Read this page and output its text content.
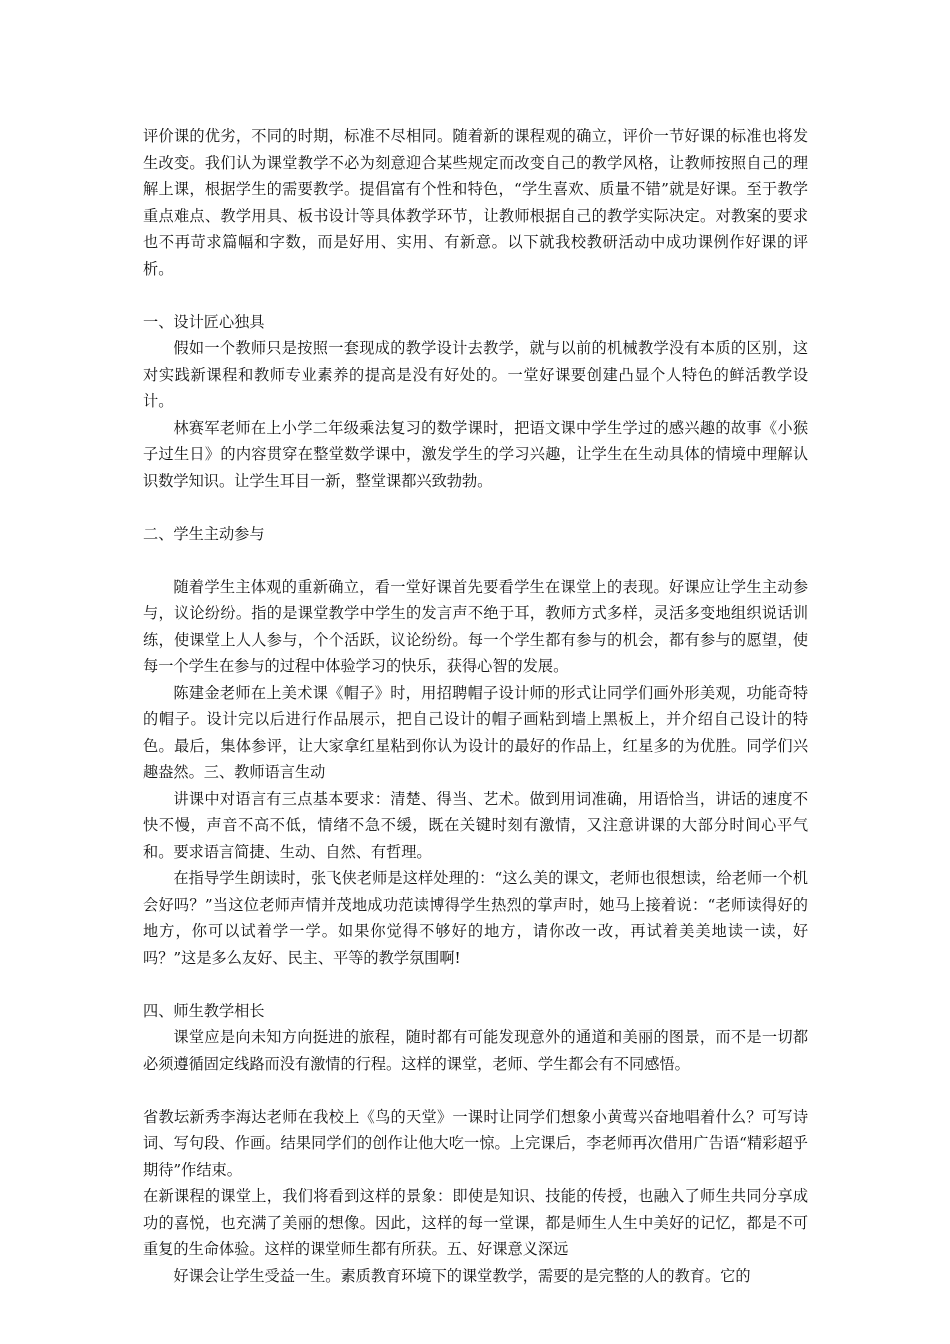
评价课的优劣，不同的时期，标准不尽相同。随着新的课程观的确立，评价一节好课的标准也将发生改变。我们认为课堂教学不必为刻意迎合某些规定而改变自己的教学风格，让教师按照自己的理解上课，根据学生的需要教学。提倡富有个性和特色，“学生喜欢、质量不错”就是好课。至于教学重点难点、教学用具、板书设计等具体教学环节，让教师根据自己的教学实际决定。对教案的要求也不再苛求篇幅和字数，而是好用、实用、有新意。以下就我校教研活动中成功课例作好课的评析。

一、设计匠心独具

假如一个教师只是按照一套现成的教学设计去教学，就与以前的机械教学没有本质的区别，这对实践新课程和教师专业素养的提高是没有好处的。一堂好课要创建凸显个人特色的鲜活教学设计。

林赛军老师在上小学二年级乘法复习的数学课时，把语文课中学生学过的感兴趣的故事《小猴子过生日》的内容贯穿在整堂数学课中，激发学生的学习兴趣，让学生在生动具体的情境中理解认识数学知识。让学生耳目一新，整堂课都兴致勃勃。

二、学生主动参与

随着学生主体观的重新确立，看一堂好课首先要看学生在课堂上的表现。好课应让学生主动参与，议论纷纷。指的是课堂教学中学生的发言声不绝于耳，教师方式多样，灵活多变地组织说话训练，使课堂上人人参与，个个活跃，议论纷纷。每一个学生都有参与的机会，都有参与的愿望，使每一个学生在参与的过程中体验学习的快乐，获得心智的发展。

陈建金老师在上美术课《帽子》时，用招聘帽子设计师的形式让同学们画外形美观，功能奇特的帽子。设计完以后进行作品展示，把自己设计的帽子画粘到墙上黑板上，并介绍自己设计的特色。最后，集体参评，让大家拿红星粘到你认为设计的最好的作品上，红星多的为优胜。同学们兴趣盎然。三、教师语言生动

讲课中对语言有三点基本要求：清楚、得当、艺术。做到用词准确，用语恰当，讲话的速度不快不慢，声音不高不低，情绪不急不缓，既在关键时刻有激情，又注意讲课的大部分时间心平气和。要求语言简捷、生动、自然、有哲理。

在指导学生朗读时，张飞侠老师是这样处理的：“这么美的课文，老师也很想读，给老师一个机会好吗？”当这位老师声情并茂地成功范读博得学生热烈的掌声时，她马上接着说：“老师读得好的地方，你可以试着学一学。如果你觉得不够好的地方，请你改一改，再试着美美地读一读，好吗？”这是多么友好、民主、平等的教学氛围啊!

四、师生教学相长

课堂应是向未知方向挺进的旅程，随时都有可能发现意外的通道和美丽的图景，而不是一切都必须遵循固定线路而没有激情的行程。这样的课堂，老师、学生都会有不同感悟。

省教坛新秀李海达老师在我校上《鸟的天堂》一课时让同学们想象小黄莺兴奋地唱着什么？可写诗词、写句段、作画。结果同学们的创作让他大吃一惊。上完课后，李老师再次借用广告语“精彩超乎期待”作结束。

在新课程的课堂上，我们将看到这样的景象：即使是知识、技能的传授，也融入了师生共同分享成功的喜悦，也充满了美丽的想像。因此，这样的每一堂课，都是师生人生中美好的记忆，都是不可重复的生命体验。这样的课堂师生都有所获。五、好课意义深远

好课会让学生受益一生。素质教育环境下的课堂教学，需要的是完整的人的教育。它的
